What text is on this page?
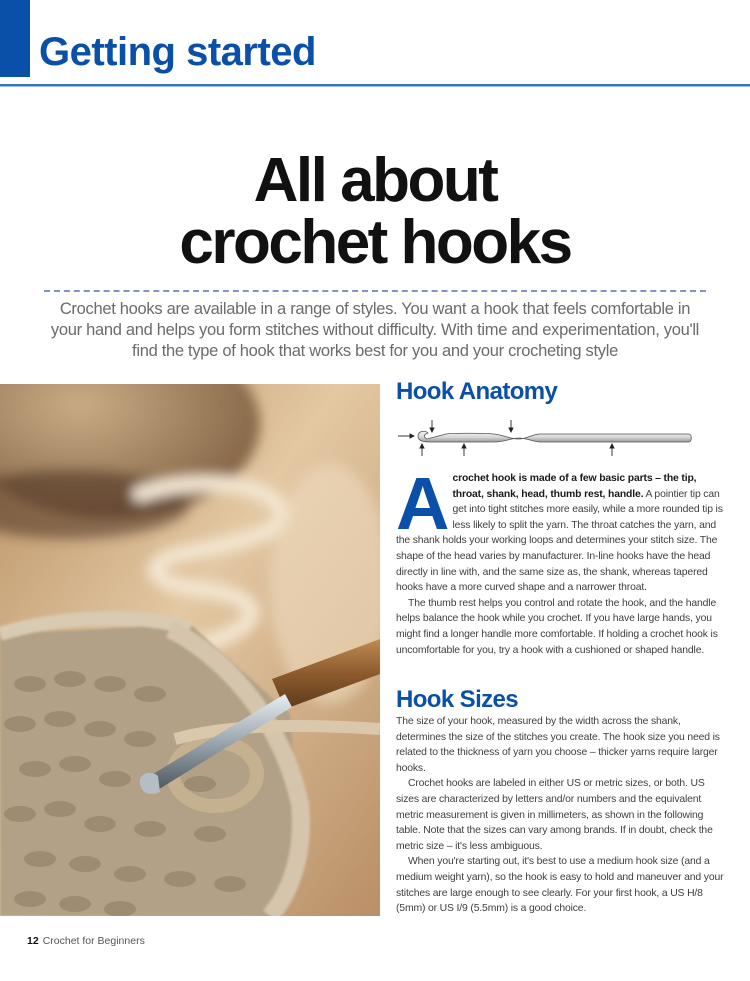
Getting started
All about
crochet hooks
Crochet hooks are available in a range of styles. You want a hook that feels comfortable in your hand and helps you form stitches without difficulty. With time and experimentation, you'll find the type of hook that works best for you and your crocheting style
Hook Anatomy

Acrochet hook is made of a few basic parts – the tip, throat, shank, head, thumb rest, handle. A pointier tip can get into tight stitches more easily, while a more rounded tip is less likely to split the yarn. The throat catches the yarn, and the shank holds your working loops and determines your stitch size. The shape of the head varies by manufacturer. In-line hooks have the head directly in line with, and the same size as, the shank, whereas tapered hooks have a more curved shape and a narrower throat.

The thumb rest helps you control and rotate the hook, and the handle helps balance the hook while you crochet. If you have large hands, you might find a longer handle more comfortable. If holding a crochet hook is uncomfortable for you, try a hook with a cushioned or shaped handle.

Hook Sizes

The size of your hook, measured by the width across the shank, determines the size of the stitches you create. The hook size you need is related to the thickness of yarn you choose – thicker yarns require larger hooks.

Crochet hooks are labeled in either US or metric sizes, or both. US sizes are characterized by letters and/or numbers and the equivalent metric measurement is given in millimeters, as shown in the following table. Note that the sizes can vary among brands. If in doubt, check the metric size – it's less ambiguous.

When you're starting out, it's best to use a medium hook size (and a medium weight yarn), so the hook is easy to hold and maneuver and your stitches are large enough to see clearly. For your first hook, a US H/8 (5mm) or US I/9 (5.5mm) is a good choice.

12 Crochet for Beginners
